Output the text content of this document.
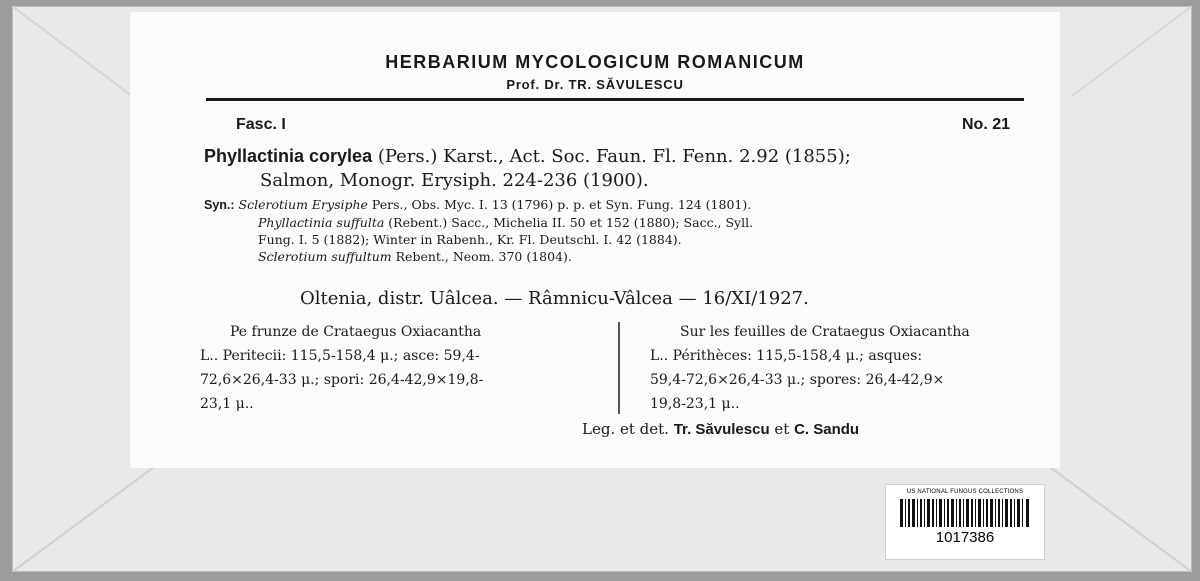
HERBARIUM MYCOLOGICUM ROMANICUM
Prof. Dr. TR. SĂVULESCU
Fasc. I	No. 21
Phyllactinia corylea (Pers.) Karst., Act. Soc. Faun. Fl. Fenn. 2.92 (1855);
Salmon, Monogr. Erysiph. 224-236 (1900).
Syn.: Sclerotium Erysiphe Pers., Obs. Myc. I. 13 (1796) p. p. et Syn. Fung. 124 (1801).
Phyllactinia suffulta (Rebent.) Sacc., Michelia II. 50 et 152 (1880); Sacc., Syll.
Fung. I. 5 (1882); Winter in Rabenh., Kr. Fl. Deutschl. I. 42 (1884).
Sclerotium suffultum Rebent., Neom. 370 (1804).
Oltenia, distr. Uâlcea. — Râmnicu-Vâlcea — 16/XI/1927.
Pe frunze de Crataegus Oxiacantha
L.. Peritecii: 115,5-158,4 μ.; asce: 59,4-
72,6×26,4-33 μ.; spori: 26,4-42,9×19,8-
23,1 μ..
Sur les feuilles de Crataegus Oxiacantha
L.. Périthèces: 115,5-158,4 μ.; asques:
59,4-72,6×26,4-33 μ.; spores: 26,4-42,9×
19,8-23,1 μ..
Leg. et det. Tr. Săvulescu et C. Sandu
US NATIONAL FUNGUS COLLECTIONS
1017386
